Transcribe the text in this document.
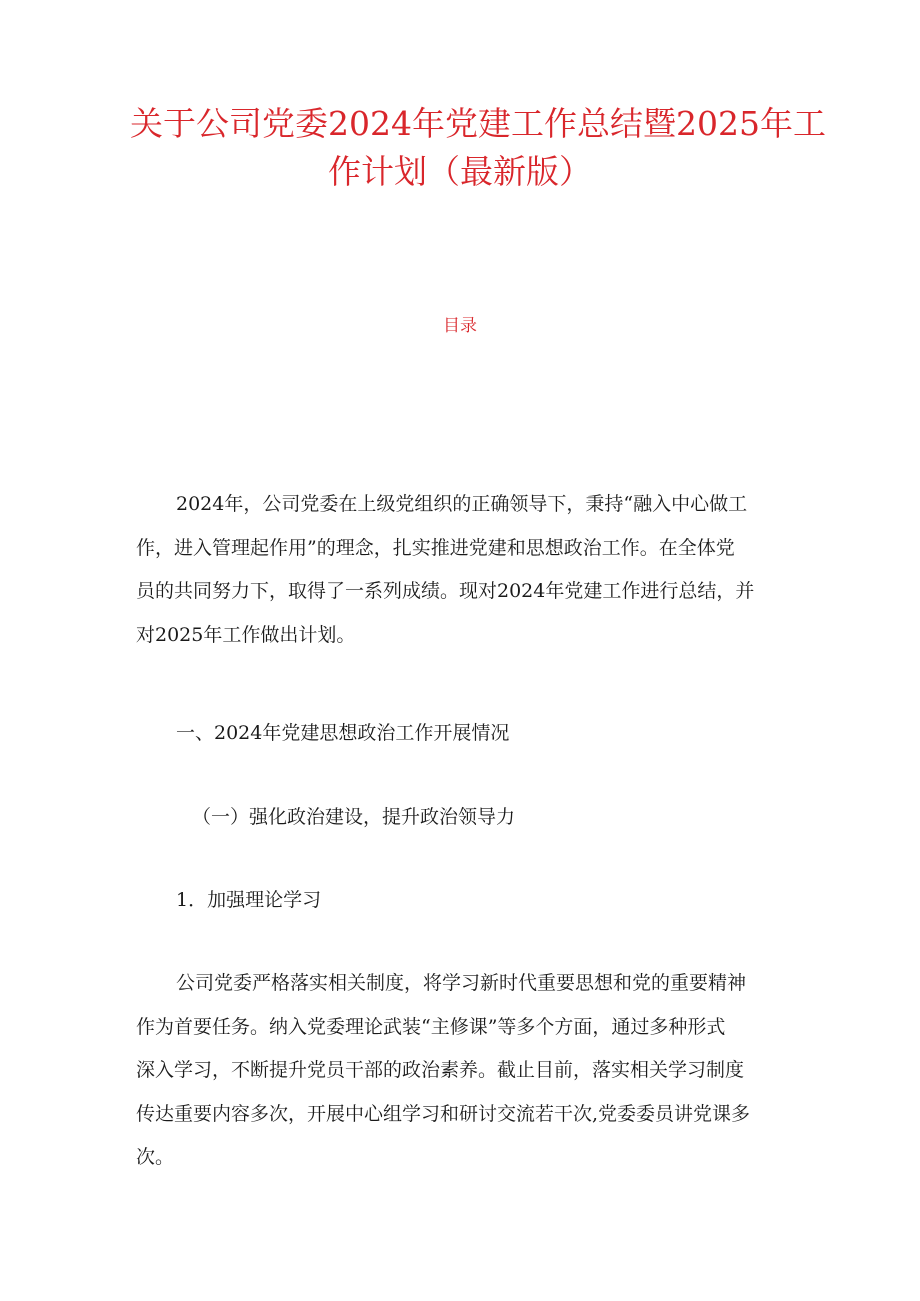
关于公司党委2024年党建工作总结暨2025年工
作计划（最新版）
目录
2024年，公司党委在上级党组织的正确领导下，秉持“融入中心做工
作，进入管理起作用”的理念，扎实推进党建和思想政治工作。在全体党
员的共同努力下，取得了一系列成绩。现对2024年党建工作进行总结，并
对2025年工作做出计划。
一、2024年党建思想政治工作开展情况
（一）强化政治建设，提升政治领导力
1．加强理论学习
公司党委严格落实相关制度，将学习新时代重要思想和党的重要精神
作为首要任务。纳入党委理论武装“主修课”等多个方面，通过多种形式
深入学习，不断提升党员干部的政治素养。截止目前，落实相关学习制度
传达重要内容多次，开展中心组学习和研讨交流若干次,党委委员讲党课多
次。
